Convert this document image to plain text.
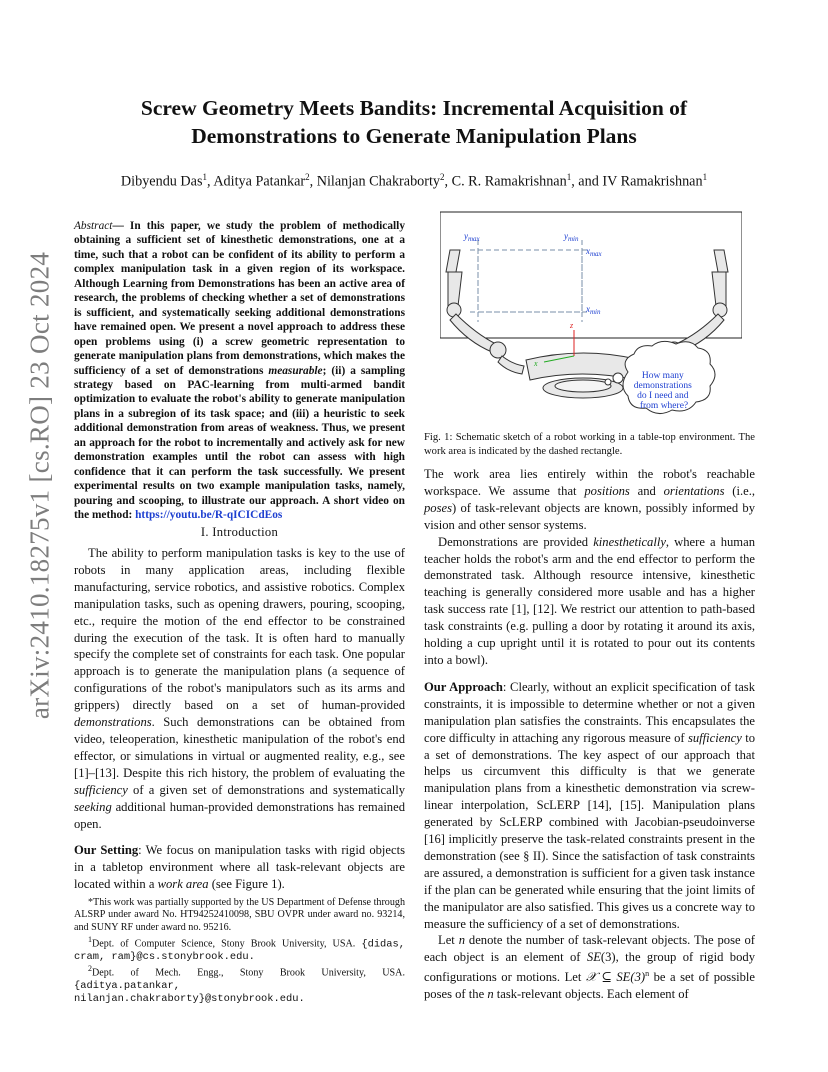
arXiv:2410.18275v1 [cs.RO] 23 Oct 2024
Screw Geometry Meets Bandits: Incremental Acquisition of Demonstrations to Generate Manipulation Plans
Dibyendu Das$^1$, Aditya Patankar$^2$, Nilanjan Chakraborty$^2$, C. R. Ramakrishnan$^1$, and IV Ramakrishnan$^1$
Abstract— In this paper, we study the problem of methodically obtaining a sufficient set of kinesthetic demonstrations, one at a time, such that a robot can be confident of its ability to perform a complex manipulation task in a given region of its workspace. Although Learning from Demonstrations has been an active area of research, the problems of checking whether a set of demonstrations is sufficient, and systematically seeking additional demonstrations have remained open. We present a novel approach to address these open problems using (i) a screw geometric representation to generate manipulation plans from demonstrations, which makes the sufficiency of a set of demonstrations measurable; (ii) a sampling strategy based on PAC-learning from multi-armed bandit optimization to evaluate the robot's ability to generate manipulation plans in a subregion of its task space; and (iii) a heuristic to seek additional demonstration from areas of weakness. Thus, we present an approach for the robot to incrementally and actively ask for new demonstration examples until the robot can assess with high confidence that it can perform the task successfully. We present experimental results on two example manipulation tasks, namely, pouring and scooping, to illustrate our approach. A short video on the method: https://youtu.be/R-qICICdEos
I. Introduction

The ability to perform manipulation tasks is key to the use of robots in many application areas, including flexible manufacturing, service robotics, and assistive robotics. Complex manipulation tasks, such as opening drawers, pouring, scooping, etc., require the motion of the end effector to be constrained during the execution of the task. It is often hard to manually specify the complete set of constraints for each task. One popular approach is to generate the manipulation plans (a sequence of configurations of the robot's manipulators such as its arms and grippers) directly based on a set of human-provided demonstrations. Such demonstrations can be obtained from video, teleoperation, kinesthetic manipulation of the robot's end effector, or simulations in virtual or augmented reality, e.g., see [1]–[13]. Despite this rich history, the problem of evaluating the sufficiency of a given set of demonstrations and systematically seeking additional human-provided demonstrations has remained open.

Our Setting: We focus on manipulation tasks with rigid objects in a tabletop environment where all task-relevant objects are located within a work area (see Figure 1).

*This work was partially supported by the US Department of Defense through ALSRP under award No. HT94252410098, SBU OVPR under award no. 93214, and SUNY RF under award no. 95216.

$^1$Dept. of Computer Science, Stony Brook University, USA. {didas, cram, ram}@cs.stonybrook.edu.

$^2$Dept. of Mech. Engg., Stony Brook University, USA. {aditya.patankar, nilanjan.chakraborty}@stonybrook.edu.

$y_{max}$	$y_{min}$
$x_{max}$
$x_{min}$
z
x
How many demonstrations do I need and from where?
Fig. 1: Schematic sketch of a robot working in a table-top environment. The work area is indicated by the dashed rectangle.

The work area lies entirely within the robot's reachable workspace. We assume that positions and orientations (i.e., poses) of task-relevant objects are known, possibly informed by vision and other sensor systems.

Demonstrations are provided kinesthetically, where a human teacher holds the robot's arm and the end effector to perform the demonstrated task. Although resource intensive, kinesthetic teaching is generally considered more usable and has a higher task success rate [1], [12]. We restrict our attention to path-based task constraints (e.g. pulling a door by rotating it around its axis, holding a cup upright until it is rotated to pour out its contents into a bowl).

Our Approach: Clearly, without an explicit specification of task constraints, it is impossible to determine whether or not a given manipulation plan satisfies the constraints. This encapsulates the core difficulty in attaching any rigorous measure of sufficiency to a set of demonstrations. The key aspect of our approach that helps us circumvent this difficulty is that we generate manipulation plans from a kinesthetic demonstration via screw-linear interpolation, ScLERP [14], [15]. Manipulation plans generated by ScLERP combined with Jacobian-pseudoinverse [16] implicitly preserve the task-related constraints present in the demonstration (see § II). Since the satisfaction of task constraints are assured, a demonstration is sufficient for a given task instance if the plan can be generated while ensuring that the joint limits of the manipulator are also satisfied. This gives us a concrete way to measure the sufficiency of a set of demonstrations.

Let n denote the number of task-relevant objects. The pose of each object is an element of SE(3), the group of rigid body configurations or motions. Let 𝒳 ⊆ $SE(3)^n$ be a set of possible poses of the n task-relevant objects. Each element of
